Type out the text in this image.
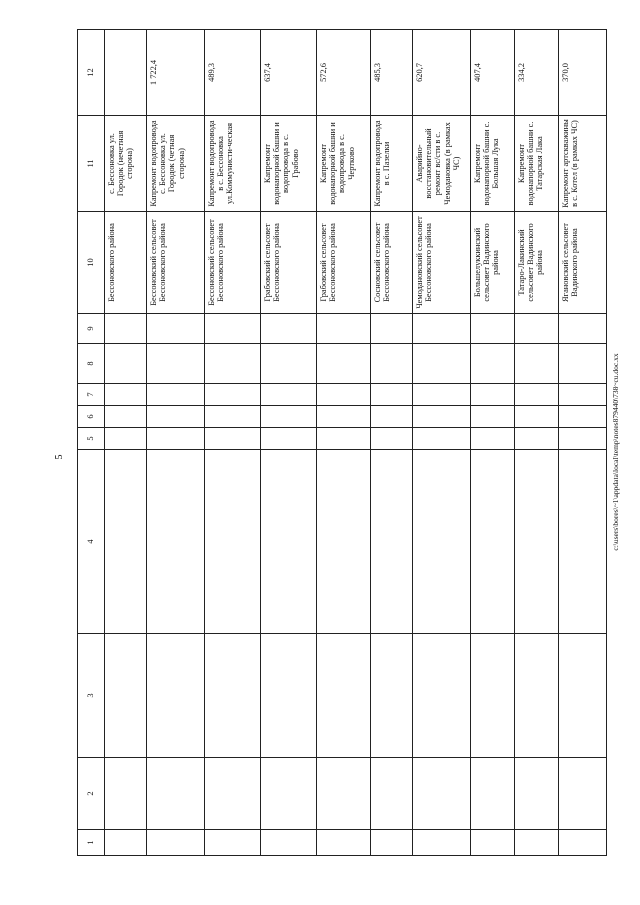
5	c:\users\bores\~1\appdata\local\temp\notes879440\738~cu.doc.xx
1	2	3	4	5	6	7	8	9	10	11	12
									Бессоновского района	с. Бессоновка ул. Городок (нечетная сторона)	
									Бессоновский сельсовет Бессоновского района	Капремонт водопровода с. Бессоновка ул. Городок (четная сторона)	1 722,4
									Бессоновский сельсовет Бессоновского района	Капремонт водопровода в с. Бессоновка ул.Коммунисти-ческая	489,3
									Грабовский сельсовет Бессоновского района	Капремонт водонапорной башни и водопровода в с. Грабово	637,4
									Грабовский сельсовет Бессоновского района	Капремонт водонапорной башни и водопровода в с. Чертково	572,6
									Сосновский сельсовет Бессоновского района	Капремонт водопровода в с. Пазелки	485,3
									Чемодановский сельсовет Бессоновского района	Аварийно-восстановительный ремонт вс/сти в с. Чемодановка (в рамках ЧС)	620,7
									Большелуккинский сельсовет Вадинского района	Капремонт водонапорной башни с. Большая Лука	407,4
									Татаро-Лакинский сельсовет Вадинского района	Капремонт водонапорной башни с. Татарская Лака	334,2
									Ягановский сельсовет Вадинского района	Капремонт артскважины в с. Котел (в рамках ЧС)	370,0
